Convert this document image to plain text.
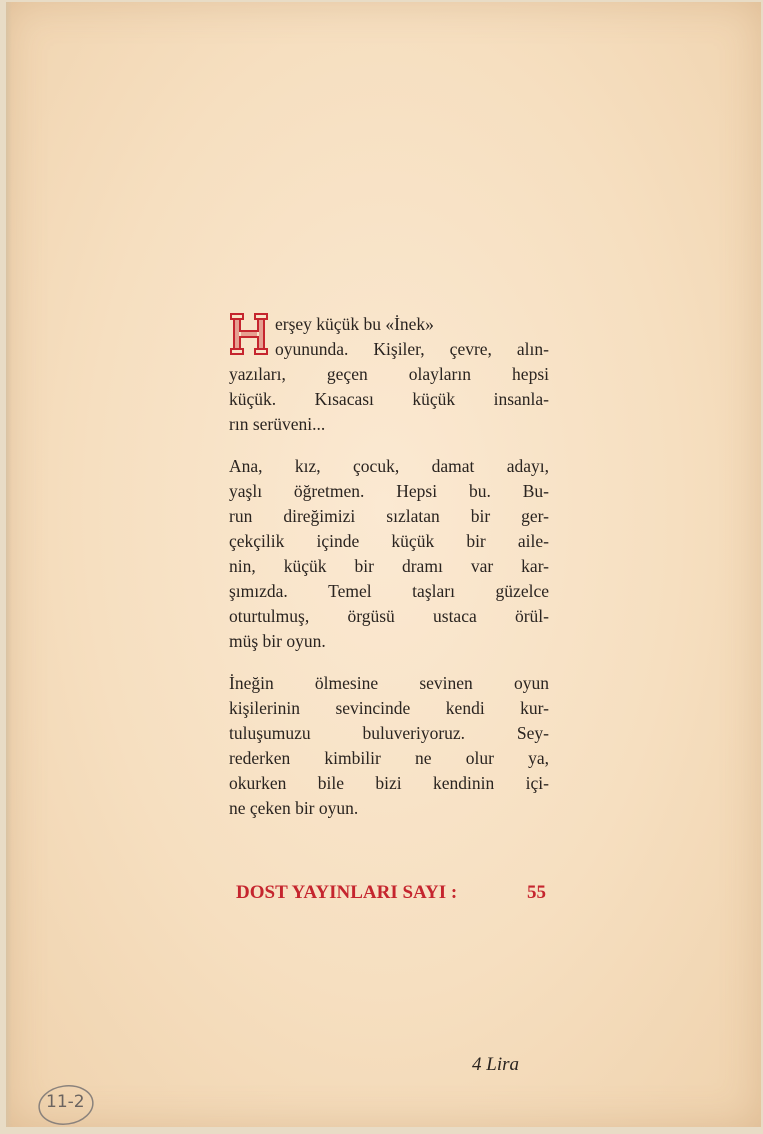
erşey küçük bu «İnek»
oyununda. Kişiler, çevre, alın-
yazıları, geçen olayların hepsi
küçük. Kısacası küçük insanla-
rın serüveni...
Ana, kız, çocuk, damat adayı,
yaşlı öğretmen. Hepsi bu. Bu-
run direğimizi sızlatan bir ger-
çekçilik içinde küçük bir aile-
nin, küçük bir dramı var kar-
şımızda. Temel taşları güzelce
oturtulmuş, örgüsü ustaca örül-
müş bir oyun.
İneğin ölmesine sevinen oyun
kişilerinin sevincinde kendi kur-
tuluşumuzu buluveriyoruz. Sey-
rederken kimbilir ne olur ya,
okurken bile bizi kendinin içi-
ne çeken bir oyun.
DOST YAYINLARI SAYI :	55
4 Lira
11-2
